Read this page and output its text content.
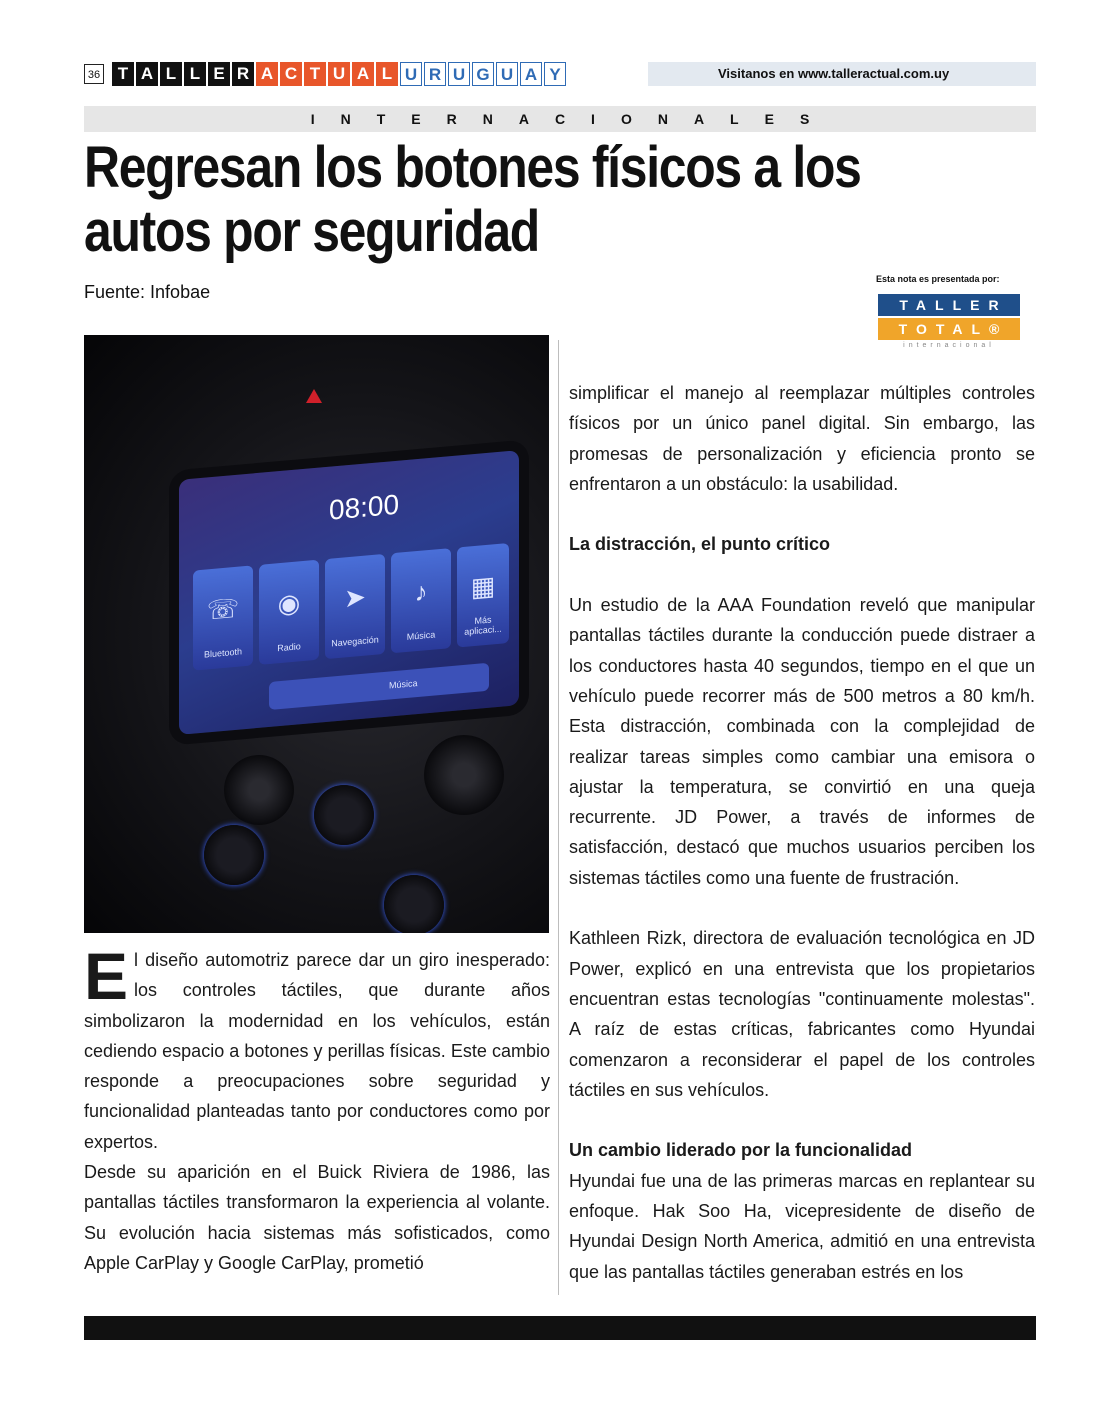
36	T A L L E R A C T U A L U R U G U A Y	Visitanos en www.talleractual.com.uy
INTERNACIONALES
Regresan los botones físicos a los
autos por seguridad
Fuente: Infobae
Esta nota es presentada por:
TALLER
TOTAL®
internacional
08:00
☏
Bluetooth
◉
Radio
➤
Navegación
♪
Música
▦
Más aplicaci...
Música

El diseño automotriz parece dar un giro inesperado: los controles táctiles, que durante años simbolizaron la modernidad en los vehículos, están cediendo espacio a botones y perillas físicas. Este cambio responde a preocupaciones sobre seguridad y funcionalidad planteadas tanto por conductores como por expertos.

Desde su aparición en el Buick Riviera de 1986, las pantallas táctiles transformaron la experiencia al volante. Su evolución hacia sistemas más sofisticados, como Apple CarPlay y Google CarPlay, prometió

simplificar el manejo al reemplazar múltiples controles físicos por un único panel digital. Sin embargo, las promesas de personalización y eficiencia pronto se enfrentaron a un obstáculo: la usabilidad.

La distracción, el punto crítico

Un estudio de la AAA Foundation reveló que manipular pantallas táctiles durante la conducción puede distraer a los conductores hasta 40 segundos, tiempo en el que un vehículo puede recorrer más de 500 metros a 80 km/h. Esta distracción, combinada con la complejidad de realizar tareas simples como cambiar una emisora o ajustar la temperatura, se convirtió en una queja recurrente. JD Power, a través de informes de satisfacción, destacó que muchos usuarios perciben los sistemas táctiles como una fuente de frustración.

Kathleen Rizk, directora de evaluación tecnológica en JD Power, explicó en una entrevista que los propietarios encuentran estas tecnologías "continuamente molestas". A raíz de estas críticas, fabricantes como Hyundai comenzaron a reconsiderar el papel de los controles táctiles en sus vehículos.

Un cambio liderado por la funcionalidad

Hyundai fue una de las primeras marcas en replantear su enfoque. Hak Soo Ha, vicepresidente de diseño de Hyundai Design North America, admitió en una entrevista que las pantallas táctiles generaban estrés en los
